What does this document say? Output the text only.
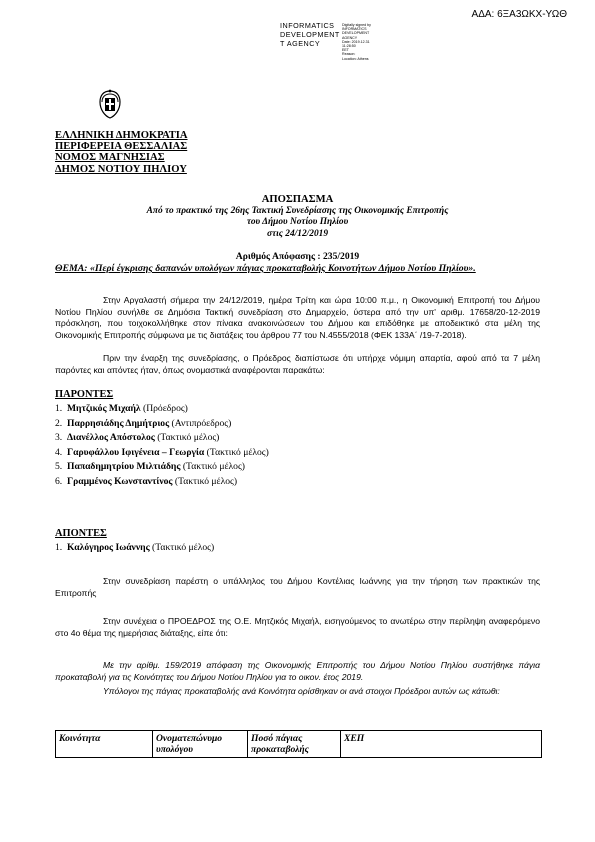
ΑΔΑ: 6ΞΑ3ΩΚΧ-ΥΩΘ
INFORMATICS
DEVELOPMENT
T AGENCY
Digitally signed by
INFORMATICS
DEVELOPMENT AGENCY
Date: 2019.12.31 11:28:50
EET
Reason:
Location: Athens
ΕΛΛΗΝΙΚΗ ΔΗΜΟΚΡΑΤΙΑ
ΠΕΡΙΦΕΡΕΙΑ ΘΕΣΣΑΛΙΑΣ
ΝΟΜΟΣ ΜΑΓΝΗΣΙΑΣ
ΔΗΜΟΣ ΝΟΤΙΟΥ ΠΗΛΙΟΥ
ΑΠΟΣΠΑΣΜΑ
Από το πρακτικό της 26ης Τακτική Συνεδρίασης της Οικονομικής Επιτροπής
του Δήμου Νοτίου Πηλίου
στις 24/12/2019
Αριθμός Απόφασης : 235/2019
ΘΕΜΑ: «Περί έγκρισης δαπανών υπολόγων πάγιας προκαταβολής Κοινοτήτων Δήμου Νοτίου Πηλίου».
Στην Αργαλαστή σήμερα την 24/12/2019, ημέρα Τρίτη και ώρα 10:00 π.μ., η Οικονομική Επιτροπή του Δήμου Νοτίου Πηλίου συνήλθε σε Δημόσια Τακτική συνεδρίαση στο Δημαρχείο, ύστερα από την υπ' αριθμ. 17658/20-12-2019 πρόσκληση, που τοιχοκολλήθηκε στον πίνακα ανακοινώσεων του Δήμου και επιδόθηκε με αποδεικτικό στα μέλη της Οικονομικής Επιτροπής σύμφωνα με τις διατάξεις του άρθρου 77 του Ν.4555/2018 (ΦΕΚ 133Α΄ /19-7-2018).
Πριν την έναρξη της συνεδρίασης, ο Πρόεδρος διαπίστωσε ότι υπήρχε νόμιμη απαρτία, αφού από τα 7 μέλη παρόντες και απόντες ήταν, όπως ονομαστικά αναφέρονται παρακάτω:
ΠΑΡΟΝΤΕΣ
1. Μητζικός Μιχαήλ (Πρόεδρος)
2. Παρρησιάδης Δημήτριος (Αντιπρόεδρος)
3. Διανέλλος Απόστολος (Τακτικό μέλος)
4. Γαρυφάλλου Ιφιγένεια – Γεωργία (Τακτικό μέλος)
5. Παπαδημητρίου Μιλτιάδης (Τακτικό μέλος)
6. Γραμμένος Κωνσταντίνος (Τακτικό μέλος)
ΑΠΟΝΤΕΣ
1. Καλόγηρος Ιωάννης (Τακτικό μέλος)
Στην συνεδρίαση παρέστη ο υπάλληλος του Δήμου Κοντέλιας Ιωάννης για την τήρηση των πρακτικών της Επιτροπής
Στην συνέχεια ο ΠΡΟΕΔΡΟΣ της Ο.Ε. Μητζικός Μιχαήλ, εισηγούμενος το ανωτέρω στην περίληψη αναφερόμενο στο 4ο θέμα της ημερήσιας διάταξης, είπε ότι:
Με την αρίθμ. 159/2019 απόφαση της Οικονομικής Επιτροπής του Δήμου Νοτίου Πηλίου συστήθηκε πάγια προκαταβολή για τις Κοινότητες του Δήμου Νοτίου Πηλίου για το οικον. έτος 2019.
Υπόλογοι της πάγιας προκαταβολής ανά Κοινότητα ορίσθηκαν οι ανά στοιχοι Πρόεδροι αυτών ως κάτωθι:
Κοινότητα	Ονοματεπώνυμο υπολόγου	Ποσό πάγιας προκαταβολής	ΧΕΠ
